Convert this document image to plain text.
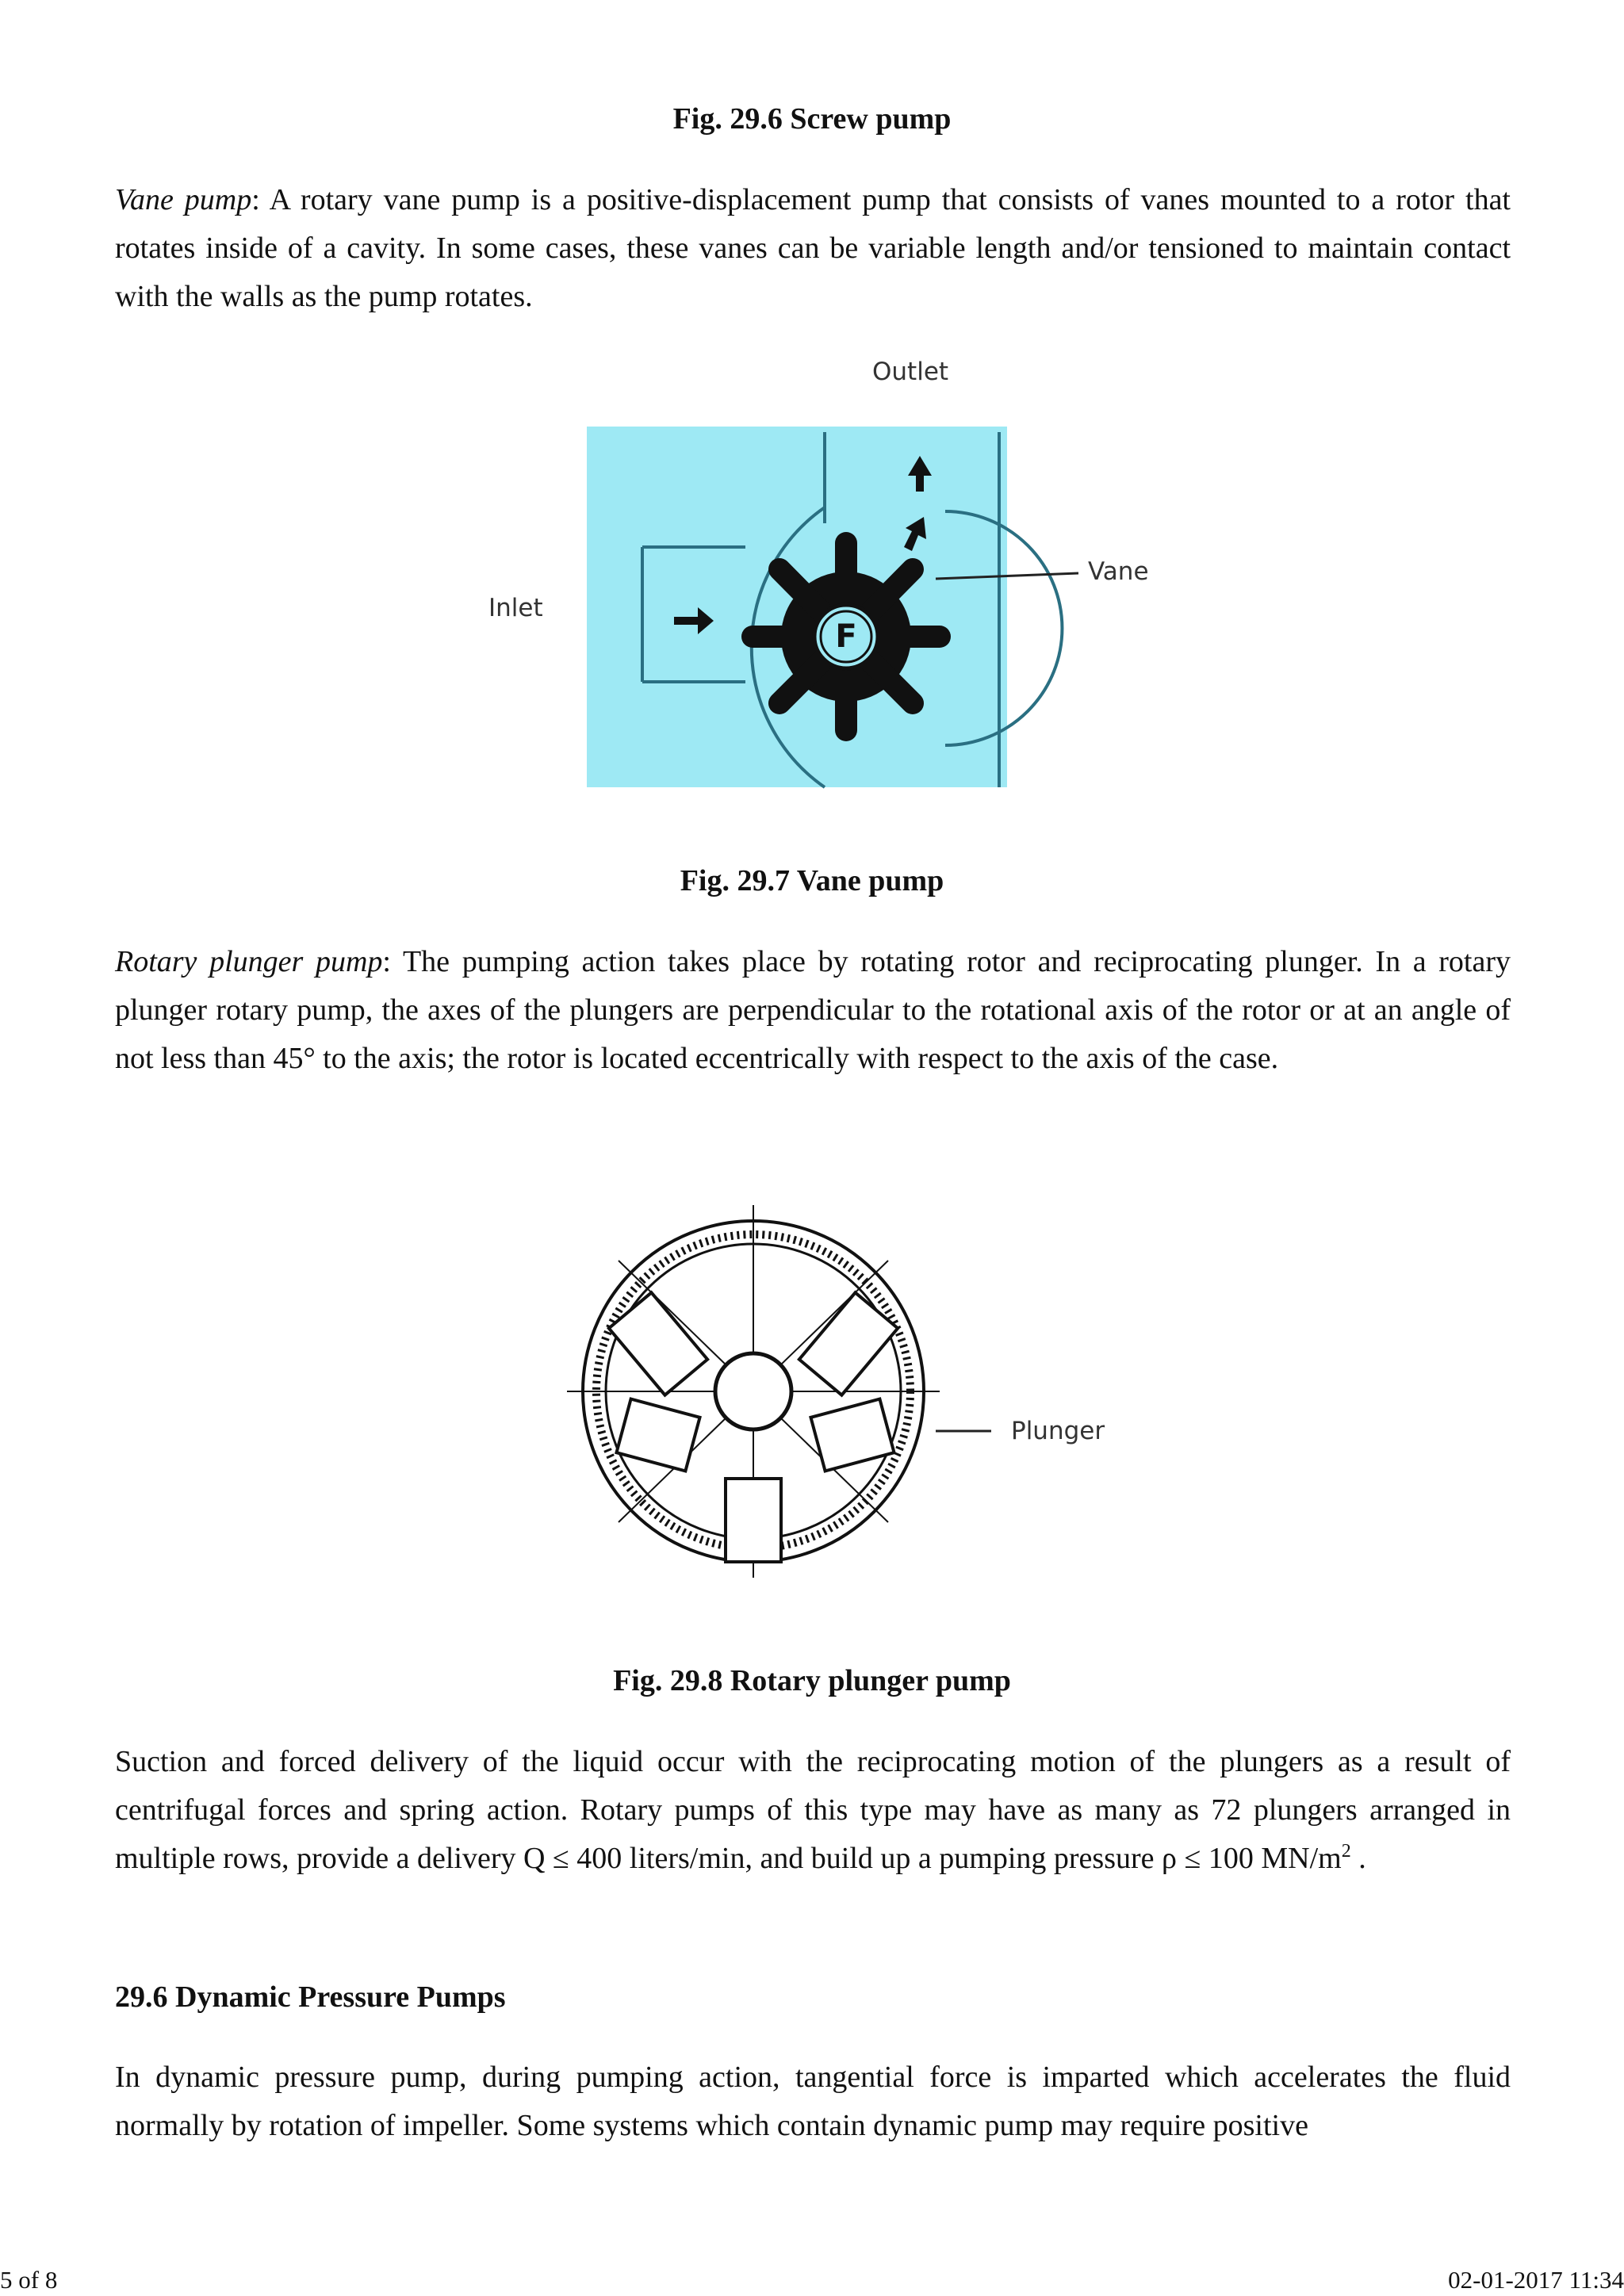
Fig. 29.6 Screw pump
Vane pump: A rotary vane pump is a positive-displacement pump that consists of vanes mounted to a rotor that rotates inside of a cavity. In some cases, these vanes can be variable length and/or tensioned to maintain contact with the walls as the pump rotates.
Outlet
Inlet
Vane
F
Fig. 29.7 Vane pump
Rotary plunger pump: The pumping action takes place by rotating rotor and reciprocating plunger. In a rotary plunger rotary pump, the axes of the plungers are perpendicular to the rotational axis of the rotor or at an angle of not less than 45° to the axis; the rotor is located eccentrically with respect to the axis of the case.
Plunger
Fig. 29.8 Rotary plunger pump
Suction and forced delivery of the liquid occur with the reciprocating motion of the plungers as a result of centrifugal forces and spring action. Rotary pumps of this type may have as many as 72 plungers arranged in multiple rows, provide a delivery Q ≤ 400 liters/min, and build up a pumping pressure ρ ≤ 100 $MN/m^2$ .
29.6 Dynamic Pressure Pumps
In dynamic pressure pump, during pumping action, tangential force is imparted which accelerates the fluid normally by rotation of impeller. Some systems which contain dynamic pump may require positive
5 of 8	02-01-2017 11:34
